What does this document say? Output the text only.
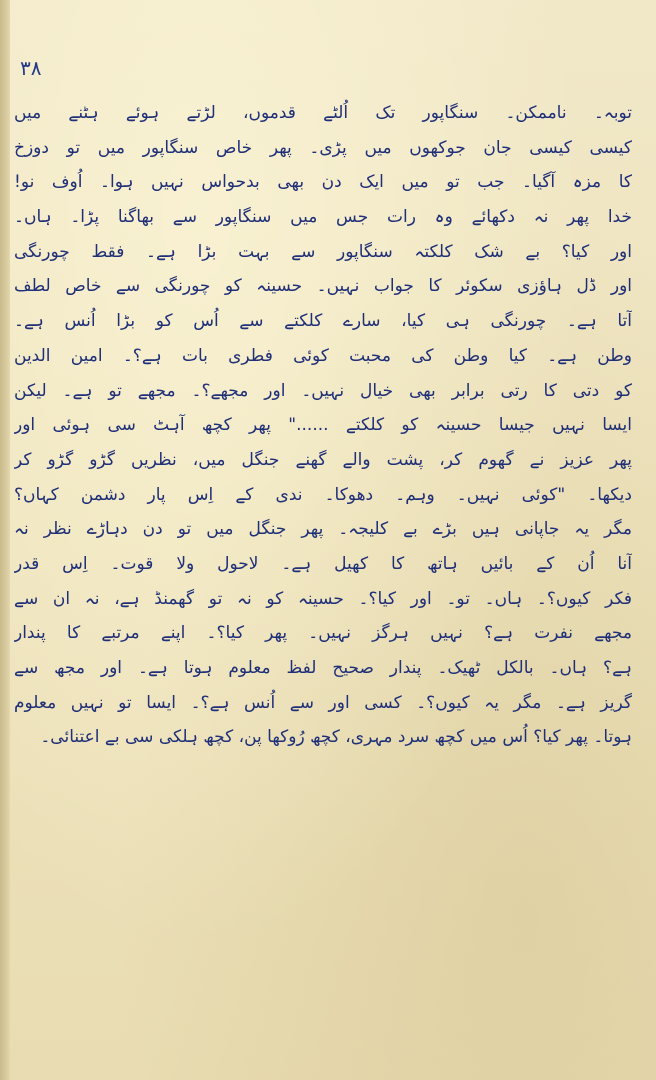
۳۸
توبہ۔ ناممکن۔ سنگاپور تک اُلٹے قدموں، لڑتے ہوئے ہٹنے میں
کیسی کیسی جان جوکھوں میں پڑی۔ پھر خاص سنگاپور میں تو دوزخ
کا مزہ آگیا۔ جب تو میں ایک دن بھی بدحواس نہیں ہوا۔ اُوف نو!
خدا پھر نہ دکھائے وہ رات جس میں سنگاپور سے بھاگنا پڑا۔ ہاں۔
اور کیا؟ بے شک کلکتہ سنگاپور سے بہت بڑا ہے۔ فقط چورنگی
اور ڈل ہاؤزی سکوئر کا جواب نہیں۔ حسینہ کو چورنگی سے خاص لطف
آتا ہے۔ چورنگی ہی کیا، سارے کلکتے سے اُس کو بڑا اُنس ہے۔
وطن ہے۔ کیا وطن کی محبت کوئی فطری بات ہے؟۔ امین الدین
کو دتی کا رتی برابر بھی خیال نہیں۔ اور مجھے؟۔ مجھے تو ہے۔ لیکن
ایسا نہیں جیسا حسینہ کو کلکتے ......" پھر کچھ آہٹ سی ہوئی اور
پھر عزیز نے گھوم کر، پشت والے گھنے جنگل میں، نظریں گڑو گڑو کر
دیکھا۔ "کوئی نہیں۔ وہم۔ دھوکا۔ ندی کے اِس پار دشمن کہاں؟
مگر یہ جاپانی ہیں بڑے بے کلیجہ۔ پھر جنگل میں تو دن دہاڑے نظر نہ
آنا اُن کے بائیں ہاتھ کا کھیل ہے۔ لاحول ولا قوت۔ اِس قدر
فکر کیوں؟۔ ہاں۔ تو۔ اور کیا؟۔ حسینہ کو نہ تو گھمنڈ ہے، نہ ان سے
مجھے نفرت ہے؟ نہیں ہرگز نہیں۔ پھر کیا؟۔ اپنے مرتبے کا پندار
ہے؟ ہاں۔ بالکل ٹھیک۔ پندار صحیح لفظ معلوم ہوتا ہے۔ اور مجھ سے
گریز ہے۔ مگر یہ کیوں؟۔ کسی اور سے اُنس ہے؟۔ ایسا تو نہیں معلوم
ہوتا۔ پھر کیا؟ اُس میں کچھ سرد مہری، کچھ رُوکھا پن، کچھ ہلکی سی بے اعتنائی۔
